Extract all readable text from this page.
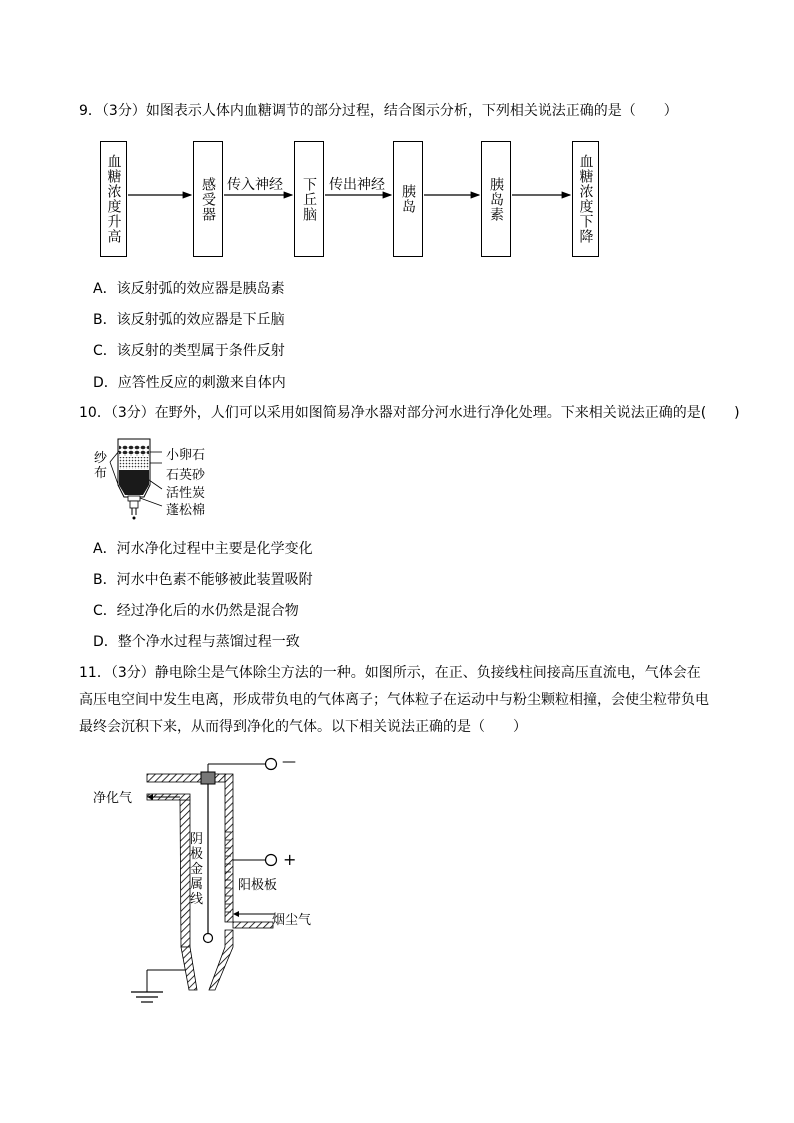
9．（3分）如图表示人体内血糖调节的部分过程，结合图示分析，下列相关说法正确的是（　　）
血糖浓度升高	感受器	下丘脑	胰岛	胰岛素	血糖浓度下降
传入神经	传出神经
A．该反射弧的效应器是胰岛素
B．该反射弧的效应器是下丘脑
C．该反射的类型属于条件反射
D．应答性反应的刺激来自体内
10．（3分）在野外，人们可以采用如图简易净水器对部分河水进行净化处理。下来相关说法正确的是(　　)
纱布
小卵石
石英砂
活性炭
蓬松棉
A．河水净化过程中主要是化学变化
B．河水中色素不能够被此装置吸附
C．经过净化后的水仍然是混合物
D．整个净水过程与蒸馏过程一致
11．（3分）静电除尘是气体除尘方法的一种。如图所示，在正、负接线柱间接高压直流电，气体会在高压电空间中发生电离，形成带负电的气体离子；气体粒子在运动中与粉尘颗粒相撞，会使尘粒带负电最终会沉积下来，从而得到净化的气体。以下相关说法正确的是（　　）
净化气
阴极金属线
阳极板
烟尘气
—
+
